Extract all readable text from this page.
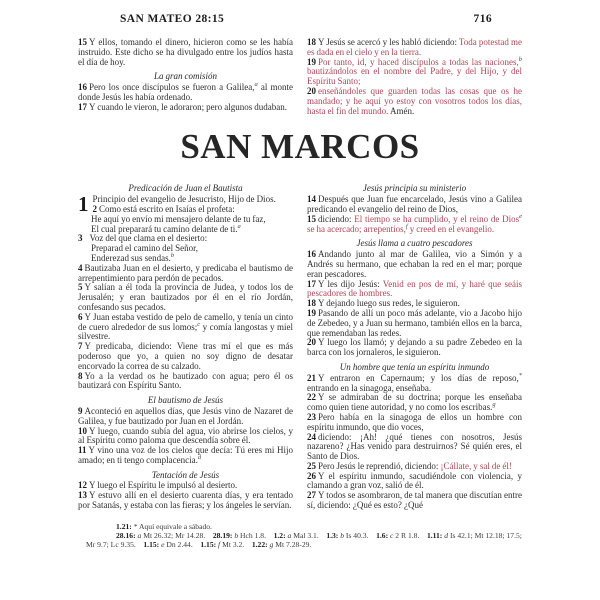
SAN MATEO 28:15	716

15 Y ellos, tomando el dinero, hicieron como se les había instruido. Este dicho se ha divulgado entre los judíos hasta el día de hoy.

La gran comisión

16 Pero los once discípulos se fueron a Galilea,$^a$ al monte donde Jesús les había ordenado.

17 Y cuando le vieron, le adoraron; pero algunos dudaban.

18 Y Jesús se acercó y les habló diciendo: Toda potestad me es dada en el cielo y en la tierra.

19 Por tanto, id, y haced discípulos a todas las naciones,$^b$ bautizándolos en el nombre del Padre, y del Hijo, y del Espíritu Santo;

20 enseñándoles que guarden todas las cosas que os he mandado; y he aquí yo estoy con vosotros todos los días, hasta el fin del mundo. Amén.

SAN MARCOS

Predicación de Juan el Bautista

1 Principio del evangelio de Jesucristo, Hijo de Dios.

2 Como está escrito en Isaías el profeta:

He aquí yo envío mi mensajero delante de tu faz,

El cual preparará tu camino delante de ti.$^a$

3 Voz del que clama en el desierto:

Preparad el camino del Señor,

Enderezad sus sendas.$^b$

4 Bautizaba Juan en el desierto, y predicaba el bautismo de arrepentimiento para perdón de pecados.

5 Y salían a él toda la provincia de Judea, y todos los de Jerusalén; y eran bautizados por él en el río Jordán, confesando sus pecados.

6 Y Juan estaba vestido de pelo de camello, y tenía un cinto de cuero alrededor de sus lomos;$^c$ y comía langostas y miel silvestre.

7 Y predicaba, diciendo: Viene tras mí el que es más poderoso que yo, a quien no soy digno de desatar encorvado la correa de su calzado.

8 Yo a la verdad os he bautizado con agua; pero él os bautizará con Espíritu Santo.

El bautismo de Jesús

9 Aconteció en aquellos días, que Jesús vino de Nazaret de Galilea, y fue bautizado por Juan en el Jordán.

10 Y luego, cuando subía del agua, vio abrirse los cielos, y al Espíritu como paloma que descendía sobre él.

11 Y vino una voz de los cielos que decía: Tú eres mi Hijo amado; en ti tengo complacencia.$^d$

Tentación de Jesús

12 Y luego el Espíritu le impulsó al desierto.

13 Y estuvo allí en el desierto cuarenta días, y era tentado por Satanás, y estaba con las fieras; y los ángeles le servían.

Jesús principia su ministerio

14 Después que Juan fue encarcelado, Jesús vino a Galilea predicando el evangelio del reino de Dios,

15 diciendo: El tiempo se ha cumplido, y el reino de Dios$^e$ se ha acercado; arrepentíos,$^f$ y creed en el evangelio.

Jesús llama a cuatro pescadores

16 Andando junto al mar de Galilea, vio a Simón y a Andrés su hermano, que echaban la red en el mar; porque eran pescadores.

17 Y les dijo Jesús: Venid en pos de mí, y haré que seáis pescadores de hombres.

18 Y dejando luego sus redes, le siguieron.

19 Pasando de allí un poco más adelante, vio a Jacobo hijo de Zebedeo, y a Juan su hermano, también ellos en la barca, que remendaban las redes.

20 Y luego los llamó; y dejando a su padre Zebedeo en la barca con los jornaleros, le siguieron.

Un hombre que tenía un espíritu inmundo

21 Y entraron en Capernaum; y los días de reposo,* entrando en la sinagoga, enseñaba.

22 Y se admiraban de su doctrina; porque les enseñaba como quien tiene autoridad, y no como los escribas.$^g$

23 Pero había en la sinagoga de ellos un hombre con espíritu inmundo, que dio voces,

24 diciendo: ¡Ah! ¿qué tienes con nosotros, Jesús nazareno? ¿Has venido para destruirnos? Sé quién eres, el Santo de Dios.

25 Pero Jesús le reprendió, diciendo: ¡Cállate, y sal de él!

26 Y el espíritu inmundo, sacudiéndole con violencia, y clamando a gran voz, salió de él.

27 Y todos se asombraron, de tal manera que discutían entre sí, diciendo: ¿Qué es esto? ¿Qué

1.21: * Aquí equivale a sábado.

28.16: a Mt 26.32; Mr 14.28. 28.19: b Hch 1.8. 1.2: a Mal 3.1. 1.3: b Is 40.3. 1.6: c 2 R 1.8. 1.11: d Is 42.1; Mt 12.18; 17.5; Mr 9.7; Lc 9.35. 1.15: e Dn 2.44. 1.15: f Mt 3.2. 1.22: g Mt 7.28-29.
